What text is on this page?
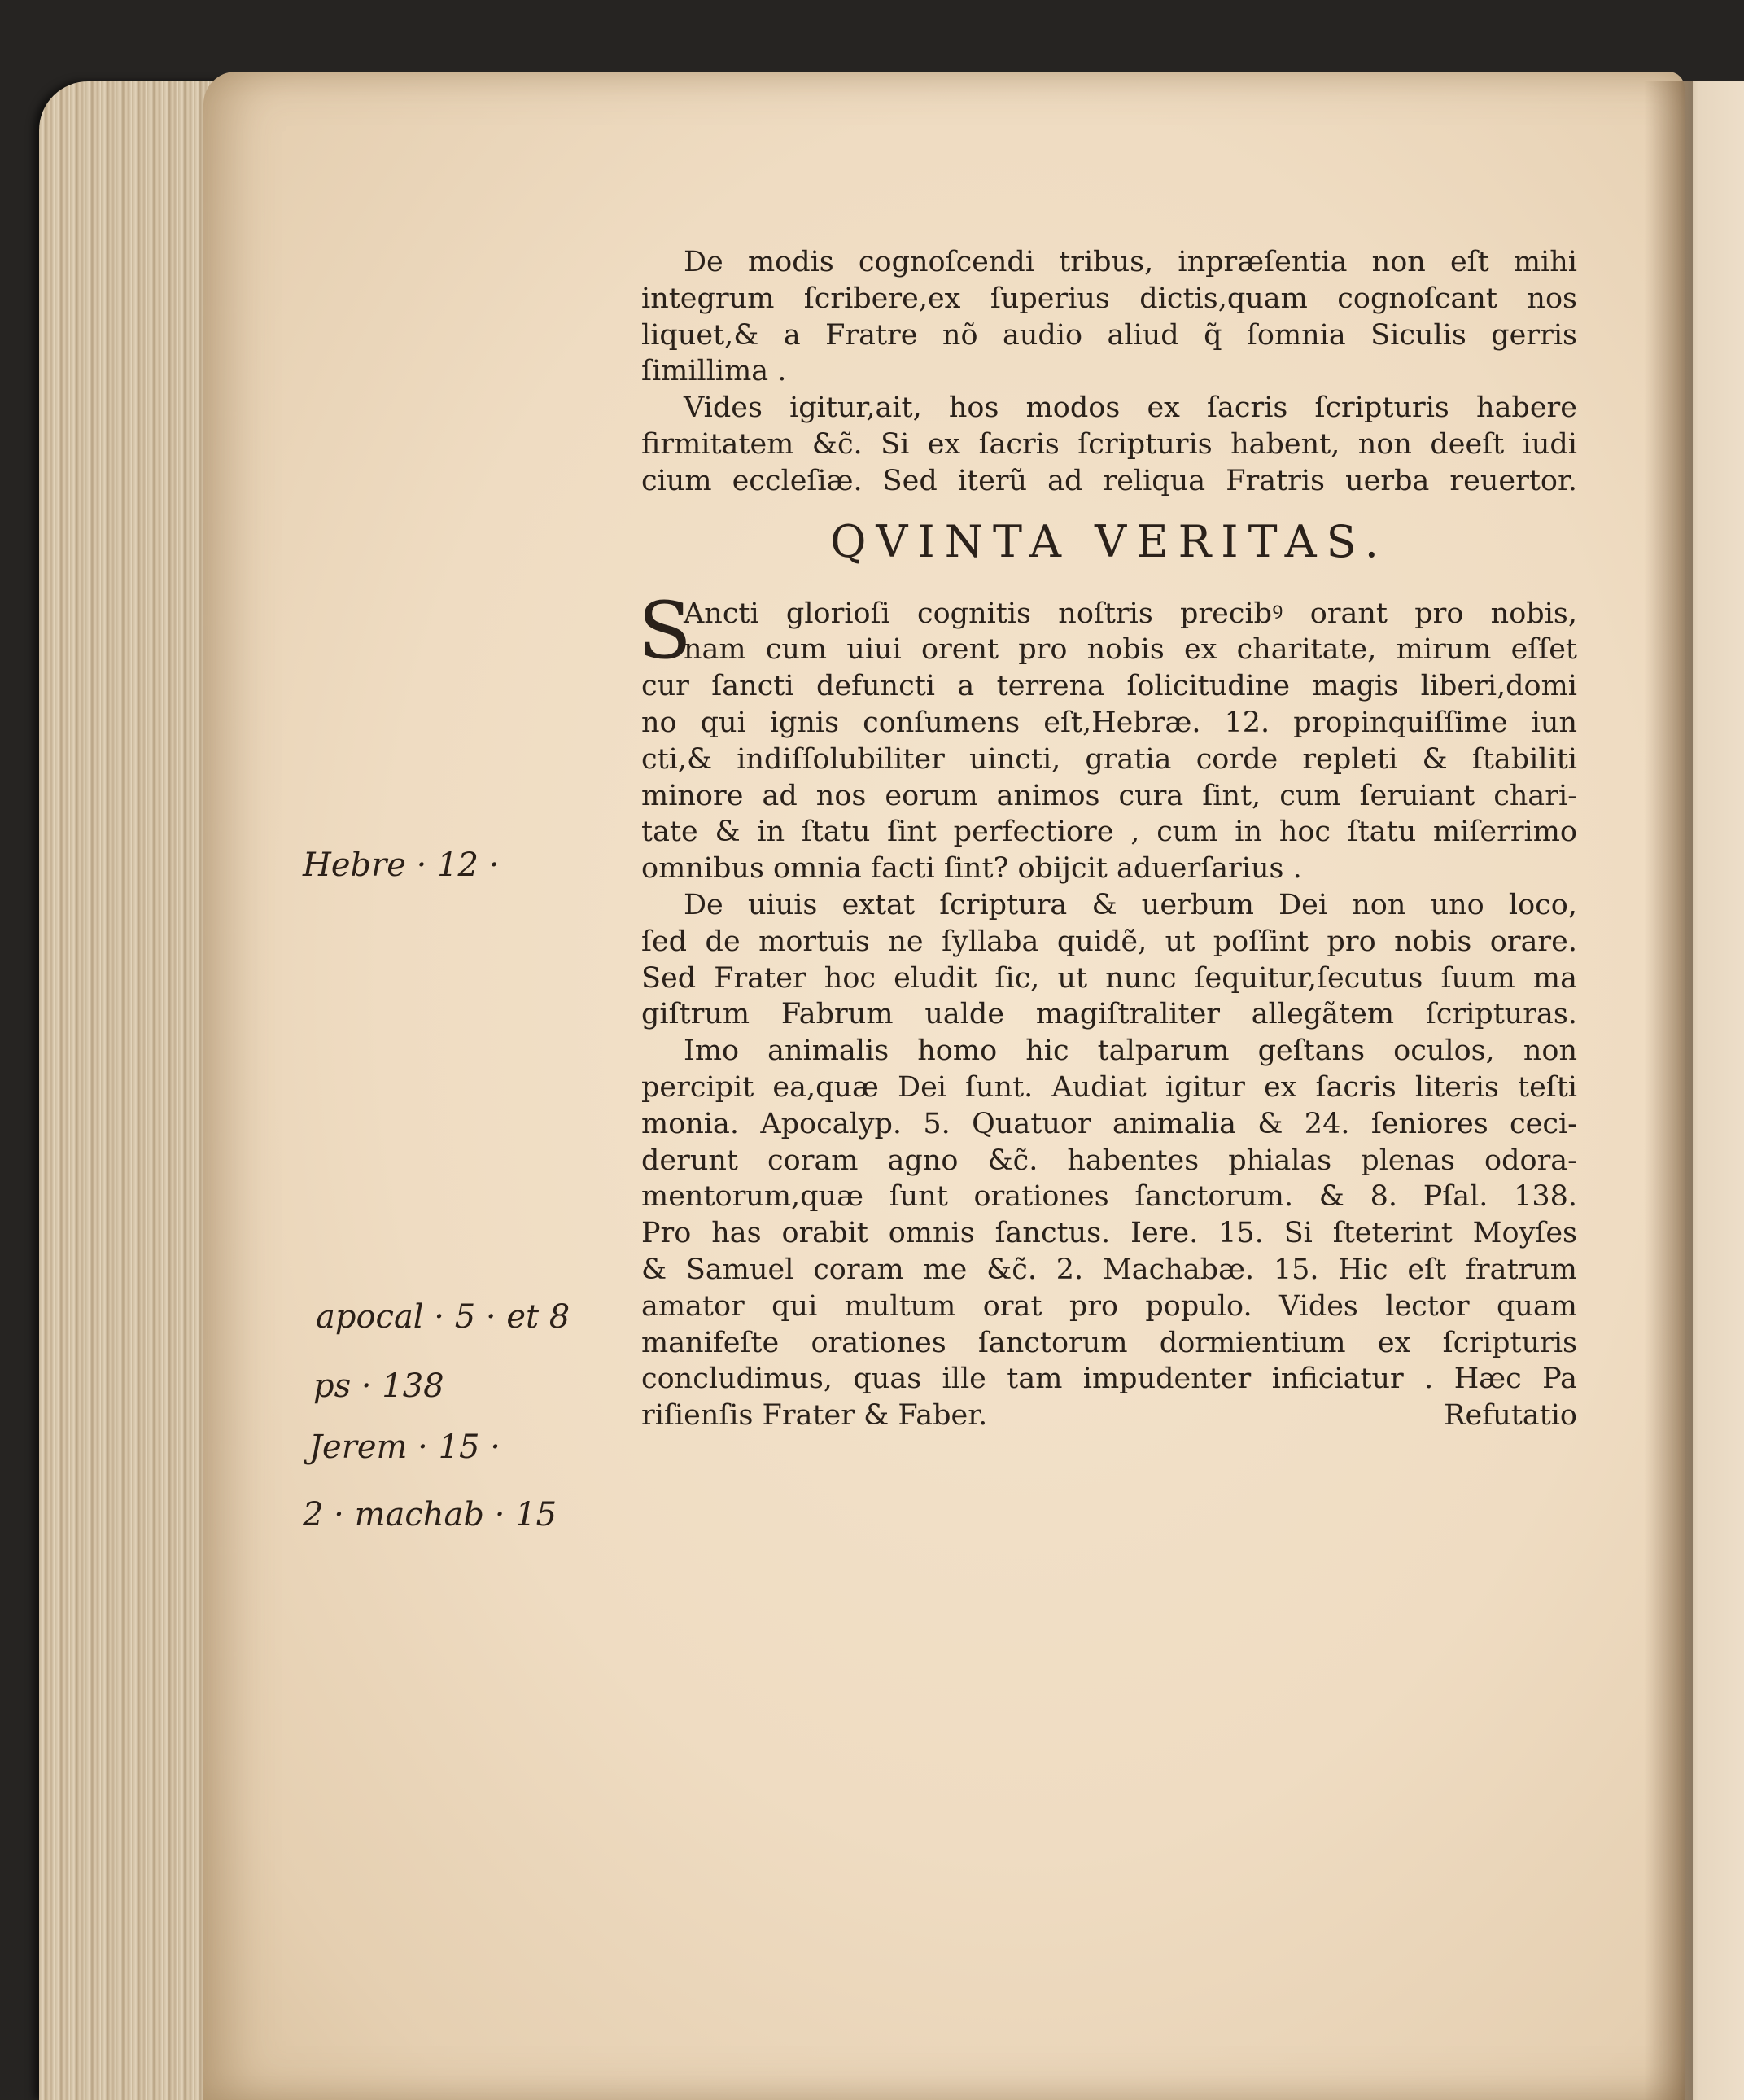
Hebre · 12 ·
apocal · 5 · et 8
ps · 138
Jerem · 15 ·
2 · machab · 15
De modis cognoſcendi tribus, inpræſentia non eſt mihi
integrum ſcribere,ex ſuperius dictis,quam cognoſcant nos
liquet,& a Fratre nõ audio aliud q̃ ſomnia Siculis gerris
ſimillima .
Vides igitur,ait, hos modos ex ſacris ſcripturis habere
firmitatem &c̃. Si ex ſacris ſcripturis habent, non deeſt iudi
cium eccleſiæ. Sed iterũ ad reliqua Fratris uerba reuertor.
QVINTA VERITAS.
S
Ancti glorioſi cognitis noſtris precibꝰ orant pro nobis,
nam cum uiui orent pro nobis ex charitate, mirum eſſet
cur ſancti defuncti a terrena ſolicitudine magis liberi,domi
no qui ignis conſumens eſt,Hebræ. 12. propinquiſſime iun
cti,& indiſſolubiliter uincti, gratia corde repleti & ſtabiliti
minore ad nos eorum animos cura ſint, cum ſeruiant chari-
tate & in ſtatu ſint perfectiore , cum in hoc ſtatu miſerrimo
omnibus omnia facti ſint? obijcit aduerſarius .
De uiuis extat ſcriptura & uerbum Dei non uno loco,
ſed de mortuis ne ſyllaba quidẽ, ut poſſint pro nobis orare.
Sed Frater hoc eludit ſic, ut nunc ſequitur,ſecutus ſuum ma
giſtrum Fabrum ualde magiſtraliter allegãtem ſcripturas.
Imo animalis homo hic talparum geſtans oculos, non
percipit ea,quæ Dei ſunt. Audiat igitur ex ſacris literis teſti
monia. Apocalyp. 5. Quatuor animalia & 24. ſeniores ceci-
derunt coram agno &c̃. habentes phialas plenas odora-
mentorum,quæ ſunt orationes ſanctorum. & 8. Pſal. 138.
Pro has orabit omnis ſanctus. Iere. 15. Si ſteterint Moyſes
& Samuel coram me &c̃. 2. Machabæ. 15. Hic eſt fratrum
amator qui multum orat pro populo. Vides lector quam
manifeſte orationes ſanctorum dormientium ex ſcripturis
concludimus, quas ille tam impudenter inficiatur . Hæc Pa
riſienſis Frater & Faber.	Refutatio
